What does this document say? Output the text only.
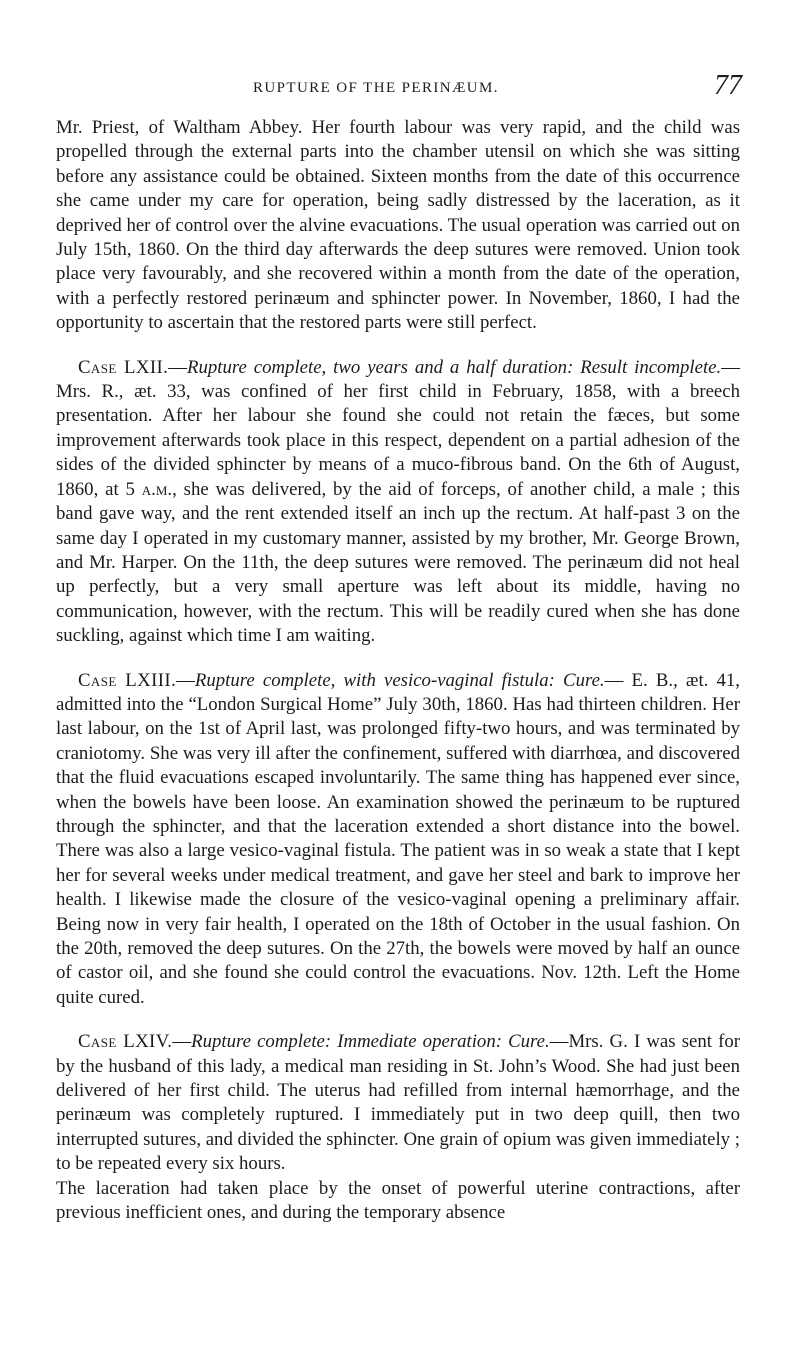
RUPTURE OF THE PERINÆUM.	77

Mr. Priest, of Waltham Abbey. Her fourth labour was very rapid, and the child was propelled through the external parts into the chamber utensil on which she was sitting before any assistance could be obtained. Sixteen months from the date of this occurrence she came under my care for operation, being sadly distressed by the laceration, as it deprived her of control over the alvine evacuations. The usual operation was carried out on July 15th, 1860. On the third day afterwards the deep sutures were removed. Union took place very favourably, and she recovered within a month from the date of the operation, with a perfectly restored perinæum and sphincter power. In November, 1860, I had the opportunity to ascertain that the restored parts were still perfect.

Case LXII.—Rupture complete, two years and a half duration: Result incomplete.—Mrs. R., æt. 33, was confined of her first child in February, 1858, with a breech presentation. After her labour she found she could not retain the fæces, but some improvement afterwards took place in this respect, dependent on a partial adhesion of the sides of the divided sphincter by means of a muco-fibrous band. On the 6th of August, 1860, at 5 a.m., she was delivered, by the aid of forceps, of another child, a male ; this band gave way, and the rent extended itself an inch up the rectum. At half-past 3 on the same day I operated in my customary manner, assisted by my brother, Mr. George Brown, and Mr. Harper. On the 11th, the deep sutures were removed. The perinæum did not heal up perfectly, but a very small aperture was left about its middle, having no communication, however, with the rectum. This will be readily cured when she has done suckling, against which time I am waiting.

Case LXIII.—Rupture complete, with vesico-vaginal fistula: Cure.— E. B., æt. 41, admitted into the “London Surgical Home” July 30th, 1860. Has had thirteen children. Her last labour, on the 1st of April last, was prolonged fifty-two hours, and was terminated by craniotomy. She was very ill after the confinement, suffered with diarrhœa, and discovered that the fluid evacuations escaped involuntarily. The same thing has happened ever since, when the bowels have been loose. An examination showed the perinæum to be ruptured through the sphincter, and that the laceration extended a short distance into the bowel. There was also a large vesico-vaginal fistula. The patient was in so weak a state that I kept her for several weeks under medical treatment, and gave her steel and bark to improve her health. I likewise made the closure of the vesico-vaginal opening a preliminary affair. Being now in very fair health, I operated on the 18th of October in the usual fashion. On the 20th, removed the deep sutures. On the 27th, the bowels were moved by half an ounce of castor oil, and she found she could control the evacuations. Nov. 12th. Left the Home quite cured.

Case LXIV.—Rupture complete: Immediate operation: Cure.—Mrs. G. I was sent for by the husband of this lady, a medical man residing in St. John’s Wood. She had just been delivered of her first child. The uterus had refilled from internal hæmorrhage, and the perinæum was completely ruptured. I immediately put in two deep quill, then two interrupted sutures, and divided the sphincter. One grain of opium was given immediately ; to be repeated every six hours.

The laceration had taken place by the onset of powerful uterine contractions, after previous inefficient ones, and during the temporary absence
